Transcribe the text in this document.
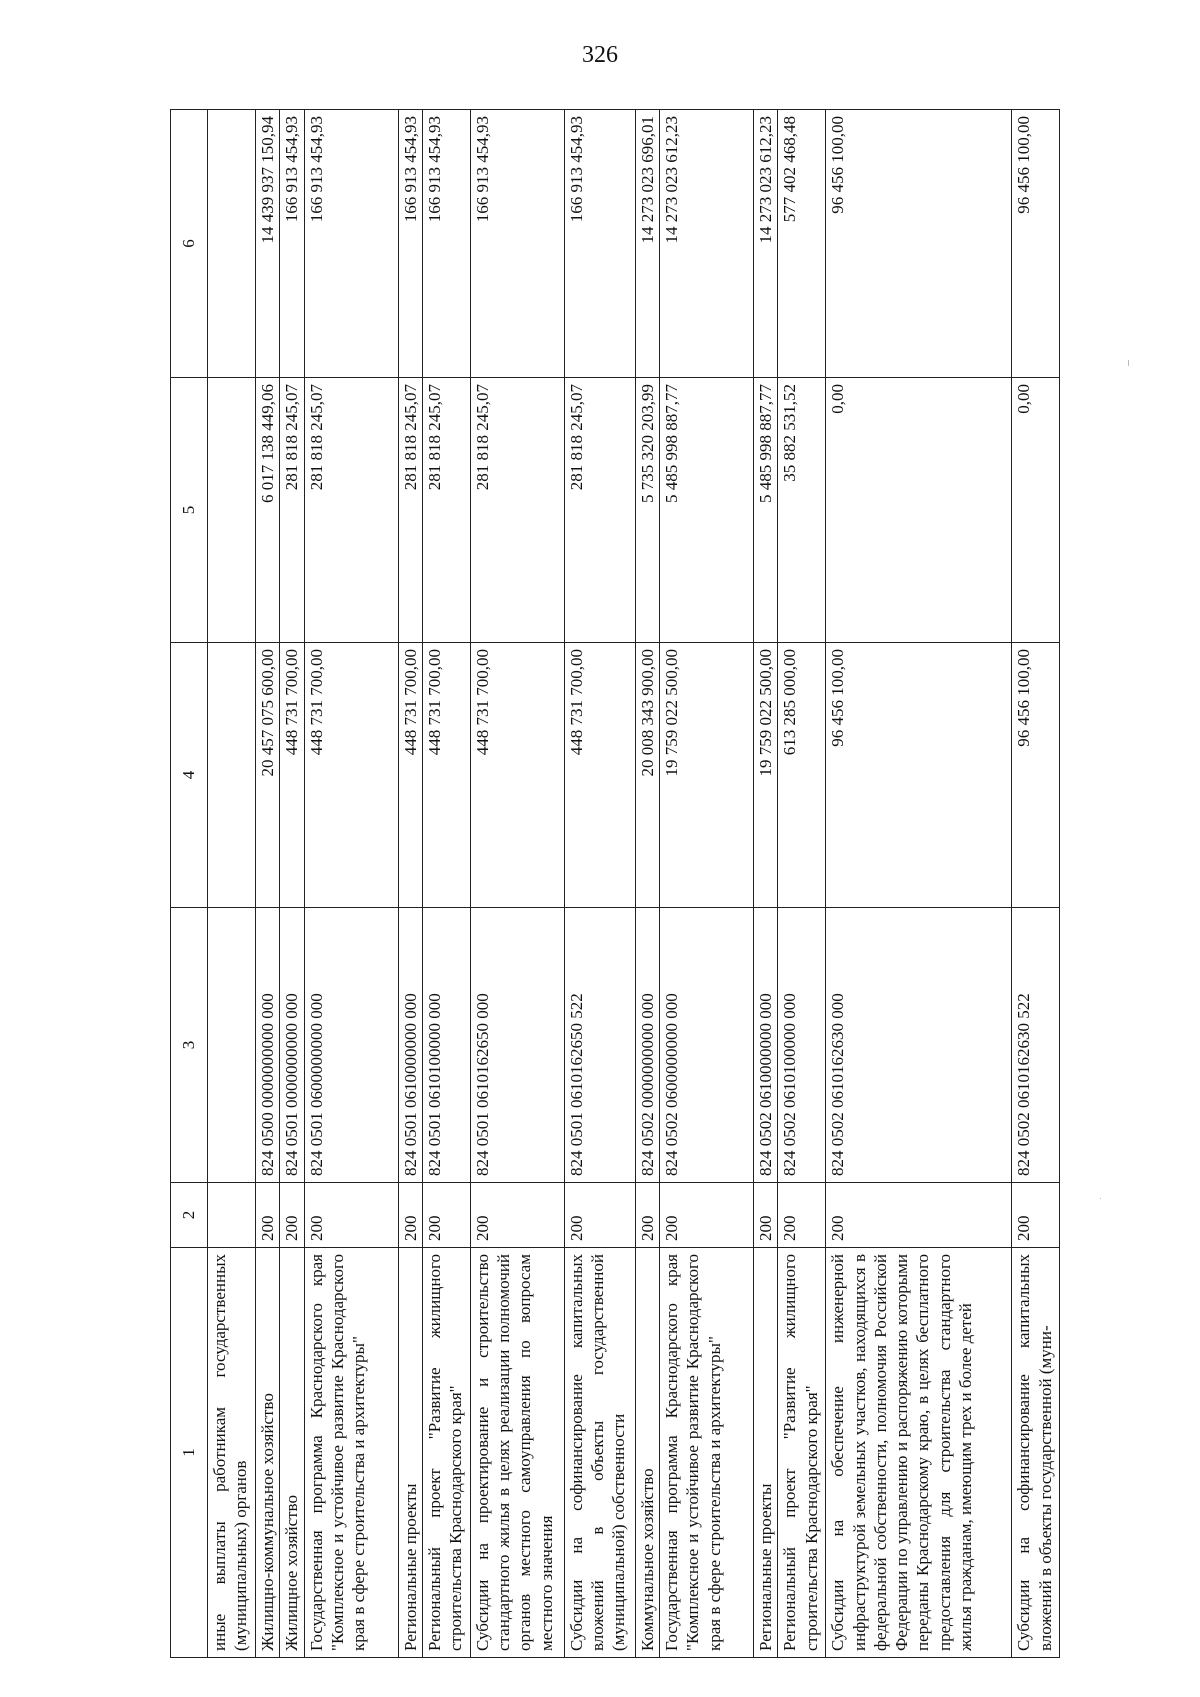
326
1	2	3	4	5	6
иные выплаты работникам государственных (муниципальных) органов					
Жилищно-коммунальное хозяйство	200	824 0500 0000000000 000	20 457 075 600,00	6 017 138 449,06	14 439 937 150,94
Жилищное хозяйство	200	824 0501 0000000000 000	448 731 700,00	281 818 245,07	166 913 454,93
Государственная программа Краснодарского края "Комплексное и устойчивое развитие Краснодарского края в сфере строительства и архитектуры"	200	824 0501 0600000000 000	448 731 700,00	281 818 245,07	166 913 454,93
Региональные проекты	200	824 0501 0610000000 000	448 731 700,00	281 818 245,07	166 913 454,93
Региональный проект "Развитие жилищного строительства Краснодарского края"	200	824 0501 0610100000 000	448 731 700,00	281 818 245,07	166 913 454,93
Субсидии на проектирование и строительство стандартного жилья в целях реализации полномочий органов местного самоуправления по вопросам местного значения	200	824 0501 0610162650 000	448 731 700,00	281 818 245,07	166 913 454,93
Субсидии на софинансирование капитальных вложений в объекты государственной (муниципальной) собственности	200	824 0501 0610162650 522	448 731 700,00	281 818 245,07	166 913 454,93
Коммунальное хозяйство	200	824 0502 0000000000 000	20 008 343 900,00	5 735 320 203,99	14 273 023 696,01
Государственная программа Краснодарского края "Комплексное и устойчивое развитие Краснодарского края в сфере строительства и архитектуры"	200	824 0502 0600000000 000	19 759 022 500,00	5 485 998 887,77	14 273 023 612,23
Региональные проекты	200	824 0502 0610000000 000	19 759 022 500,00	5 485 998 887,77	14 273 023 612,23
Региональный проект "Развитие жилищного строительства Краснодарского края"	200	824 0502 0610100000 000	613 285 000,00	35 882 531,52	577 402 468,48
Субсидии на обеспечение инженерной инфраструктурой земельных участков, находящихся в федеральной собственности, полномочия Российской Федерации по управлению и распоряжению которыми переданы Краснодарскому краю, в целях бесплатного предоставления для строительства стандартного жилья гражданам, имеющим трех и более детей	200	824 0502 0610162630 000	96 456 100,00	0,00	96 456 100,00
Субсидии на софинансирование капитальных вложений в объекты государственной (муни-	200	824 0502 0610162630 522	96 456 100,00	0,00	96 456 100,00
